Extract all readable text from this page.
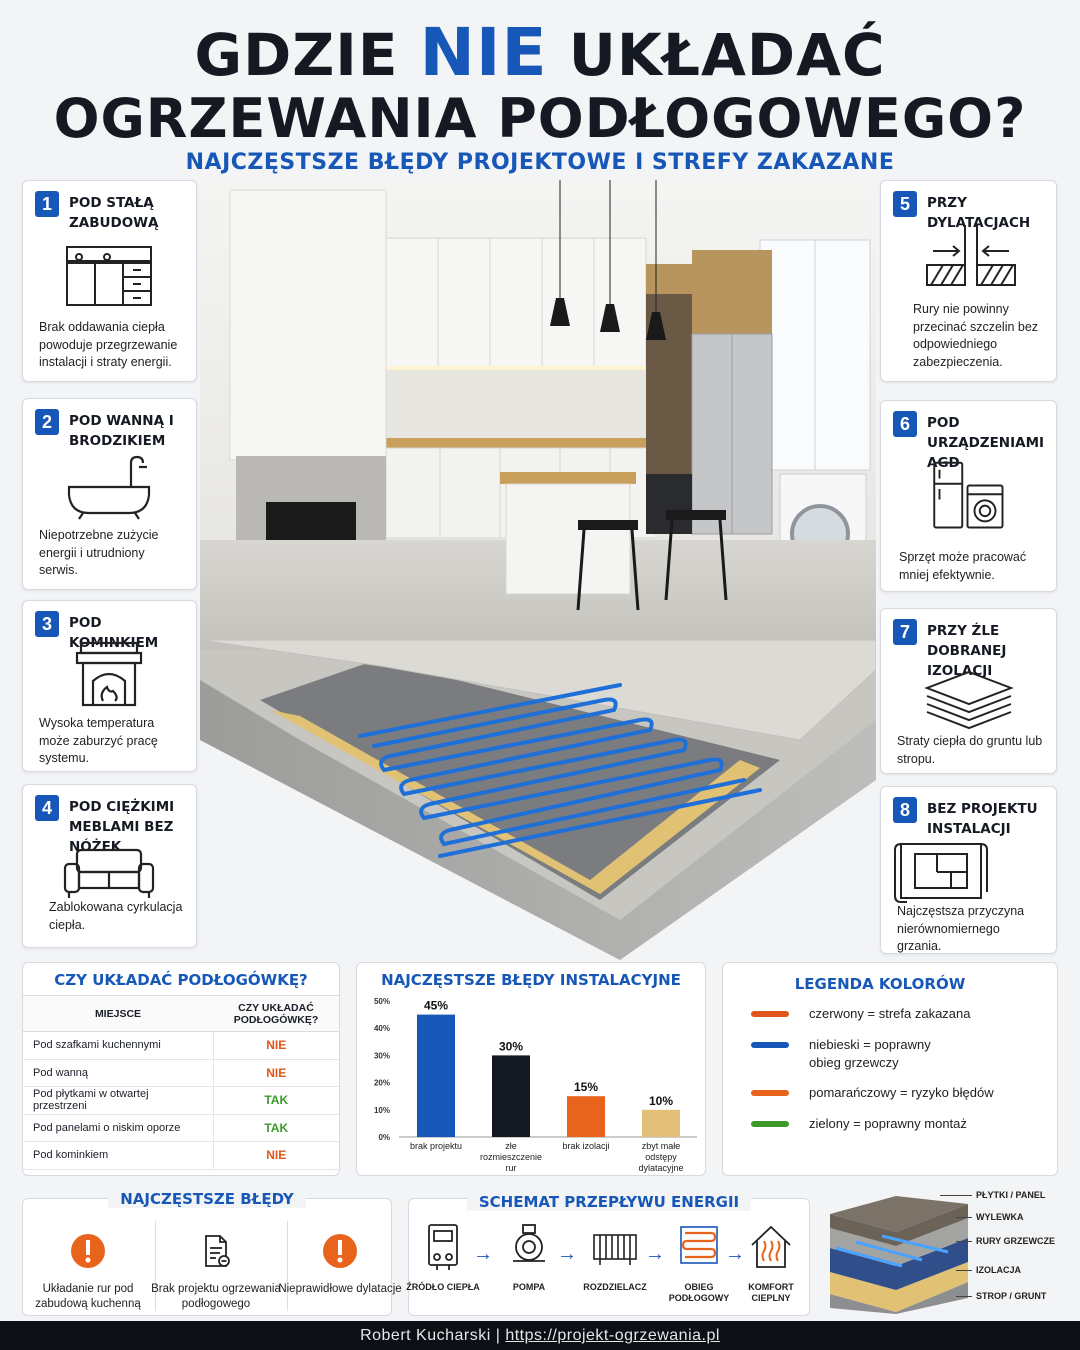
GDZIE NIE UKŁADAĆ
OGRZEWANIA PODŁOGOWEGO?
NAJCZĘSTSZE BŁĘDY PROJEKTOWE I STREFY ZAKAZANE
1	POD STAŁĄ ZABUDOWĄ
Brak oddawania ciepła powoduje przegrzewanie instalacji i straty energii.
2	POD WANNĄ I BRODZIKIEM
Niepotrzebne zużycie energii i utrudniony serwis.
3	POD KOMINKIEM
Wysoka temperatura może zaburzyć pracę systemu.
4	POD CIĘŻKIMI MEBLAMI BEZ NÓŻEK
Zablokowana cyrkulacja ciepła.
5	PRZY DYLATACJACH
Rury nie powinny przecinać szczelin bez odpowiedniego zabezpieczenia.
6	POD URZĄDZENIAMI AGD
Sprzęt może pracować mniej efektywnie.
7	PRZY ŹLE DOBRANEJ IZOLACJI
Straty ciepła do gruntu lub stropu.
8	BEZ PROJEKTU INSTALACJI
Najczęstsza przyczyna nierównomiernego grzania.
CZY UKŁADAĆ PODŁOGÓWKĘ?
MIEJSCE	CZY UKŁADAĆ PODŁOGÓWKĘ?
Pod szafkami kuchennymi	NIE
Pod wanną	NIE
Pod płytkami w otwartej przestrzeni	TAK
Pod panelami o niskim oporze	TAK
Pod kominkiem	NIE
NAJCZĘSTSZE BŁĘDY INSTALACYJNE
0%
10%
20%
30%
40%
50%	45%
brak projektu
30%
złe rozmieszczenie rur
15%
brak izolacji
10%
zbyt małe odstępy dylatacyjne
LEGENDA KOLORÓW
czerwony = strefa zakazana
niebieski = poprawny obieg grzewczy
pomarańczowy = ryzyko błędów
zielony = poprawny montaż
NAJCZĘSTSZE BŁĘDY
Układanie rur pod zabudową kuchenną
Brak projektu ogrzewania podłogowego
Nieprawidłowe dylatacje
SCHEMAT PRZEPŁYWU ENERGII
ŹRÓDŁO CIEPŁA
→
POMPA
→
ROZDZIELACZ
→
OBIEG PODŁOGOWY
→
KOMFORT CIEPLNY
PŁYTKI / PANEL
WYLEWKA
RURY GRZEWCZE
IZOLACJA
STROP / GRUNT
Robert Kucharski | https://projekt-ogrzewania.pl
